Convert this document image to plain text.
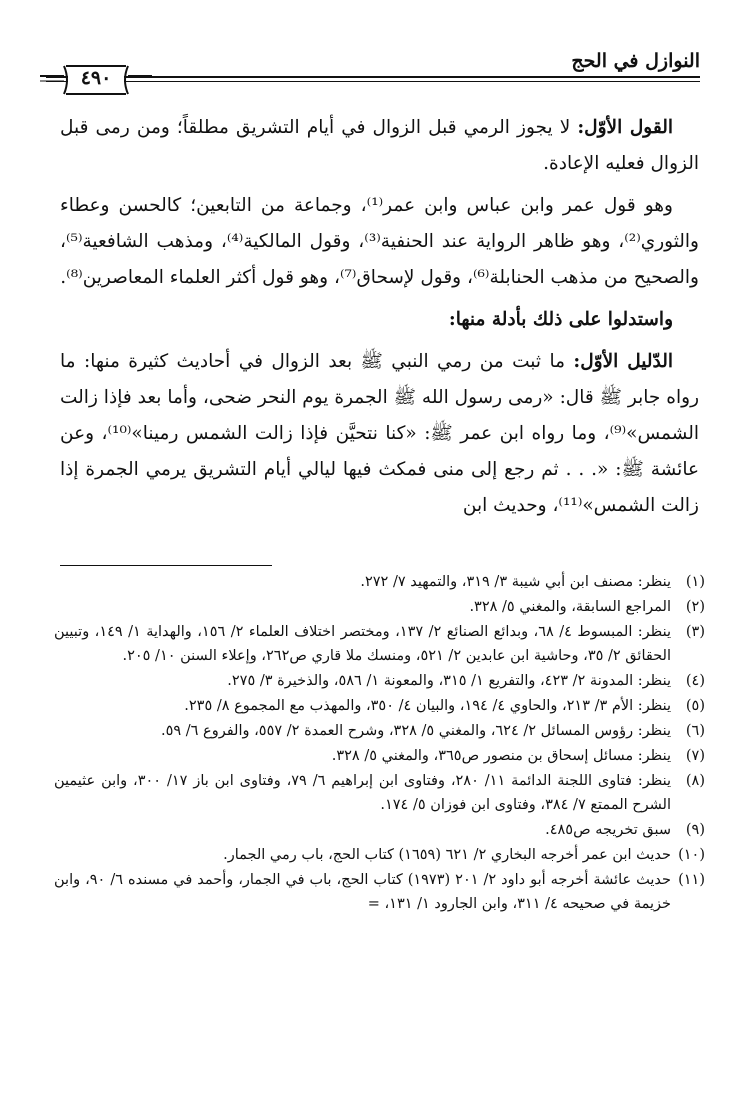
النوازل في الحج
٤٩٠

القول الأوّل: لا يجوز الرمي قبل الزوال في أيام التشريق مطلقاً؛ ومن رمى قبل الزوال فعليه الإعادة.

وهو قول عمر وابن عباس وابن عمر⁽¹⁾، وجماعة من التابعين؛ كالحسن وعطاء والثوري⁽²⁾، وهو ظاهر الرواية عند الحنفية⁽³⁾، وقول المالكية⁽⁴⁾، ومذهب الشافعية⁽⁵⁾، والصحيح من مذهب الحنابلة⁽⁶⁾، وقول لإسحاق⁽⁷⁾، وهو قول أكثر العلماء المعاصرين⁽⁸⁾.

واستدلوا على ذلك بأدلة منها:

الدّليل الأوّل: ما ثبت من رمي النبي ﷺ بعد الزوال في أحاديث كثيرة منها: ما رواه جابر ﷺ قال: «رمى رسول الله ﷺ الجمرة يوم النحر ضحى، وأما بعد فإذا زالت الشمس»⁽⁹⁾، وما رواه ابن عمر ﷺ: «كنا نتحيَّن فإذا زالت الشمس رمينا»⁽¹⁰⁾، وعن عائشة ﷺ: «. . . ثم رجع إلى منى فمكث فيها ليالي أيام التشريق يرمي الجمرة إذا زالت الشمس»⁽¹¹⁾، وحديث ابن

(١)
ينظر: مصنف ابن أبي شيبة ٣/ ٣١٩، والتمهيد ٧/ ٢٧٢.
(٢)
المراجع السابقة، والمغني ٥/ ٣٢٨.
(٣)
ينظر: المبسوط ٤/ ٦٨، وبدائع الصنائع ٢/ ١٣٧، ومختصر اختلاف العلماء ٢/ ١٥٦، والهداية ١/ ١٤٩، وتبيين الحقائق ٢/ ٣٥، وحاشية ابن عابدين ٢/ ٥٢١، ومنسك ملا قاري ص٢٦٢، وإعلاء السنن ١٠/ ٢٠٥.
(٤)
ينظر: المدونة ٢/ ٤٢٣، والتفريع ١/ ٣١٥، والمعونة ١/ ٥٨٦، والذخيرة ٣/ ٢٧٥.
(٥)
ينظر: الأم ٣/ ٢١٣، والحاوي ٤/ ١٩٤، والبيان ٤/ ٣٥٠، والمهذب مع المجموع ٨/ ٢٣٥.
(٦)
ينظر: رؤوس المسائل ٢/ ٦٢٤، والمغني ٥/ ٣٢٨، وشرح العمدة ٢/ ٥٥٧، والفروع ٦/ ٥٩.
(٧)
ينظر: مسائل إسحاق بن منصور ص٣٦٥، والمغني ٥/ ٣٢٨.
(٨)
ينظر: فتاوى اللجنة الدائمة ١١/ ٢٨٠، وفتاوى ابن إبراهيم ٦/ ٧٩، وفتاوى ابن باز ١٧/ ٣٠٠، وابن عثيمين الشرح الممتع ٧/ ٣٨٤، وفتاوى ابن فوزان ٥/ ١٧٤.
(٩)
سبق تخريجه ص٤٨٥.
(١٠)
حديث ابن عمر أخرجه البخاري ٢/ ٦٢١ (١٦٥٩) كتاب الحج، باب رمي الجمار.
(١١)
حديث عائشة أخرجه أبو داود ٢/ ٢٠١ (١٩٧٣) كتاب الحج، باب في الجمار، وأحمد في مسنده ٦/ ٩٠، وابن خزيمة في صحيحه ٤/ ٣١١، وابن الجارود ١/ ١٣١، =
